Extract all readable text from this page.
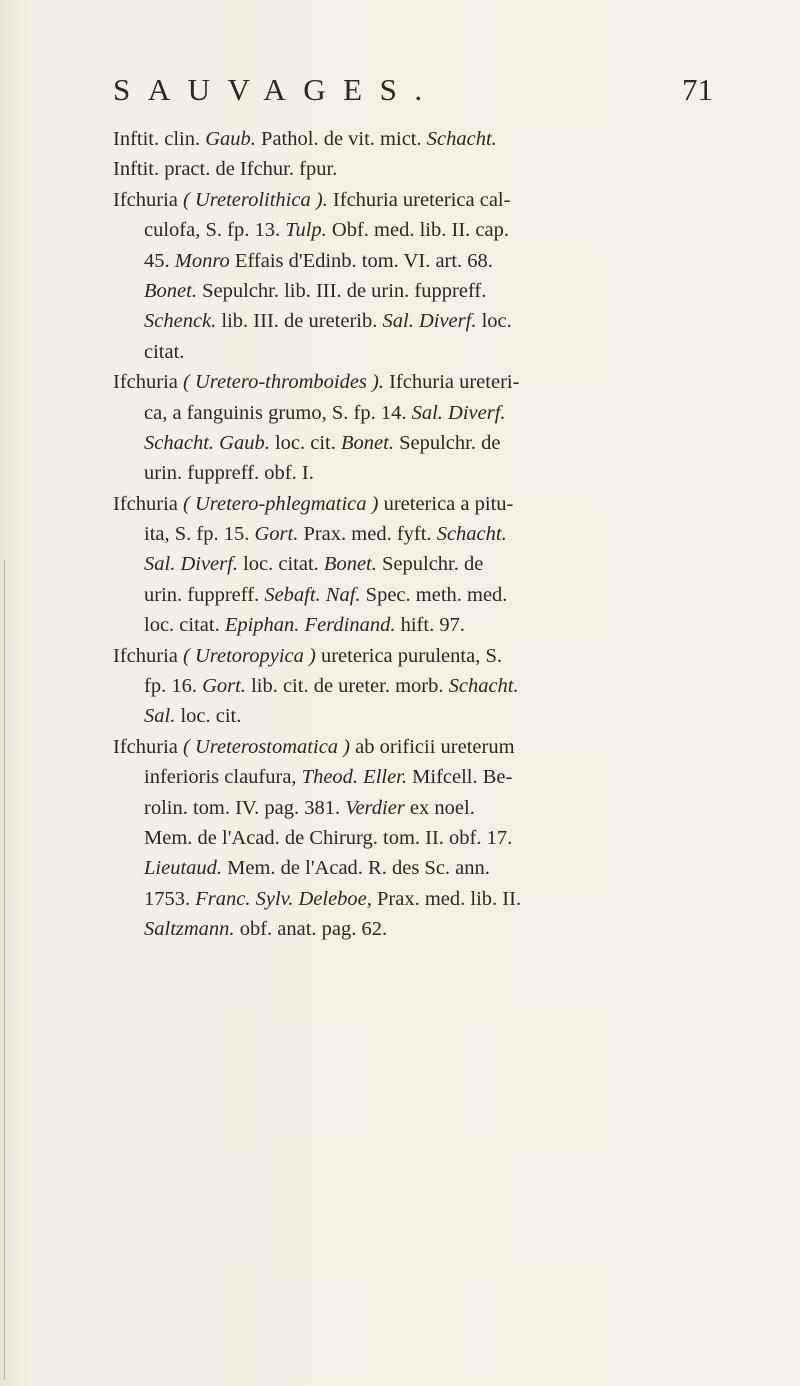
SAUVAGES.	71
Inftit. clin. Gaub. Pathol. de vit. mict. Schacht.
Inftit. pract. de Ifchur. fpur.
Ifchuria ( Ureterolithica ). Ifchuria ureterica cal-
culofa, S. fp. 13. Tulp. Obf. med. lib. II. cap.
45. Monro Effais d'Edinb. tom. VI. art. 68.
Bonet. Sepulchr. lib. III. de urin. fuppreff.
Schenck. lib. III. de ureterib. Sal. Diverf. loc.
citat.
Ifchuria ( Uretero-thromboides ). Ifchuria ureteri-
ca, a fanguinis grumo, S. fp. 14. Sal. Diverf.
Schacht. Gaub. loc. cit. Bonet. Sepulchr. de
urin. fuppreff. obf. I.
Ifchuria ( Uretero-phlegmatica ) ureterica a pitu-
ita, S. fp. 15. Gort. Prax. med. fyft. Schacht.
Sal. Diverf. loc. citat. Bonet. Sepulchr. de
urin. fuppreff. Sebaft. Naf. Spec. meth. med.
loc. citat. Epiphan. Ferdinand. hift. 97.
Ifchuria ( Uretoropyica ) ureterica purulenta, S.
fp. 16. Gort. lib. cit. de ureter. morb. Schacht.
Sal. loc. cit.
Ifchuria ( Ureterostomatica ) ab orificii ureterum
inferioris claufura, Theod. Eller. Mifcell. Be-
rolin. tom. IV. pag. 381. Verdier ex noel.
Mem. de l'Acad. de Chirurg. tom. II. obf. 17.
Lieutaud. Mem. de l'Acad. R. des Sc. ann.
1753. Franc. Sylv. Deleboe, Prax. med. lib. II.
Saltzmann. obf. anat. pag. 62.
